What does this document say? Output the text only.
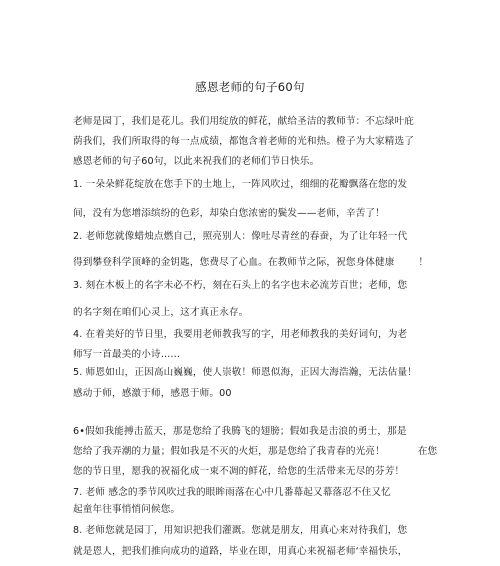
感恩老师的句子60句
老师是园丁，我们是花儿。我们用绽放的鲜花，献给圣洁的教师节：不忘绿叶庇
荫我们，我们所取得的每一点成绩，都饱含着老师的光和热。橙子为大家精选了
感恩老师的句子60句，以此来祝我们的老师们节日快乐。
1. 一朵朵鲜花绽放在您手下的土地上，一阵风吹过，细细的花瓣飘落在您的发
间，没有为您增添缤纷的色彩，却染白您浓密的鬓发——老师，辛苦了！
2. 老师您就像蜡烛点燃自己，照亮别人：像吐尽青丝的春蚕，为了让年轻一代
得到攀登科学顶峰的金钥匙，您费尽了心血。在教师节之际，祝您身体健康	！
3. 刻在木板上的名字未必不朽，刻在石头上的名字也未必流芳百世；老师，您
的名字刻在咱们心灵上，这才真正永存。
4. 在着美好的节日里，我要用老师教我写的字，用老师教我的美好词句，为老
师写一首最美的小诗……
5. 师恩如山，正因高山巍巍，使人崇敬！师恩似海，正因大海浩瀚，无法估量！
感动于师，感激于师，感恩于师。00
6•假如我能搏击蓝天，那是您给了我腾飞的翅膀；假如我是击浪的勇士，那是
您给了我弄潮的力量；假如我是不灭的火炬，那是您给了我青春的光亮！	在您
您的节日里，愿我的祝福化成一束不凋的鲜花，给您的生活带来无尽的芬芳！
7. 老师 感念的季节风吹过我的眼眸雨落在心中几番幕起又幕落忍不住又忆
起童年往事悄悄问候您。
8. 老师您就是园丁，用知识把我们灌溉。您就是朋友，用真心来对待我们，您
就是恩人，把我们推向成功的道路，毕业在即，用真心来祝福老师‘幸福快乐，
